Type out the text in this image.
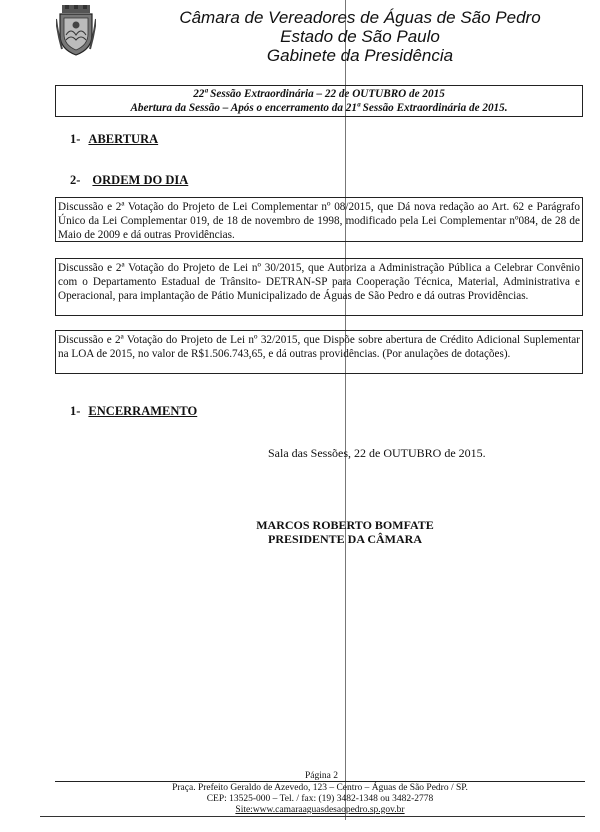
Câmara de Vereadores de Águas de São Pedro
Estado de São Paulo
Gabinete da Presidência
22ª Sessão Extraordinária – 22 de OUTUBRO de 2015
Abertura da Sessão – Após o encerramento da 21ª Sessão Extraordinária de 2015.
1- ABERTURA
2- ORDEM DO DIA
Discussão e 2ª Votação do Projeto de Lei Complementar nº 08/2015, que Dá nova redação ao Art. 62 e Parágrafo Único da Lei Complementar 019, de 18 de novembro de 1998, modificado pela Lei Complementar nº084, de 28 de Maio de 2009 e dá outras Providências.
Discussão e 2ª Votação do Projeto de Lei nº 30/2015, que Autoriza a Administração Pública a Celebrar Convênio com o Departamento Estadual de Trânsito- DETRAN-SP para Cooperação Técnica, Material, Administrativa e Operacional, para implantação de Pátio Municipalizado de Águas de São Pedro e dá outras Providências.
Discussão e 2ª Votação do Projeto de Lei nº 32/2015, que Dispõe sobre abertura de Crédito Adicional Suplementar na LOA de 2015, no valor de R$1.506.743,65, e dá outras providências. (Por anulações de dotações).
1- ENCERRAMENTO
Sala das Sessões, 22 de OUTUBRO de 2015.
MARCOS ROBERTO BOMFATE
PRESIDENTE DA CÂMARA
Página 2
Praça. Prefeito Geraldo de Azevedo, 123 – Centro – Águas de São Pedro / SP.
CEP: 13525-000 – Tel. / fax: (19) 3482-1348 ou 3482-2778
Site:www.camaraaguasdesaopedro.sp.gov.br
